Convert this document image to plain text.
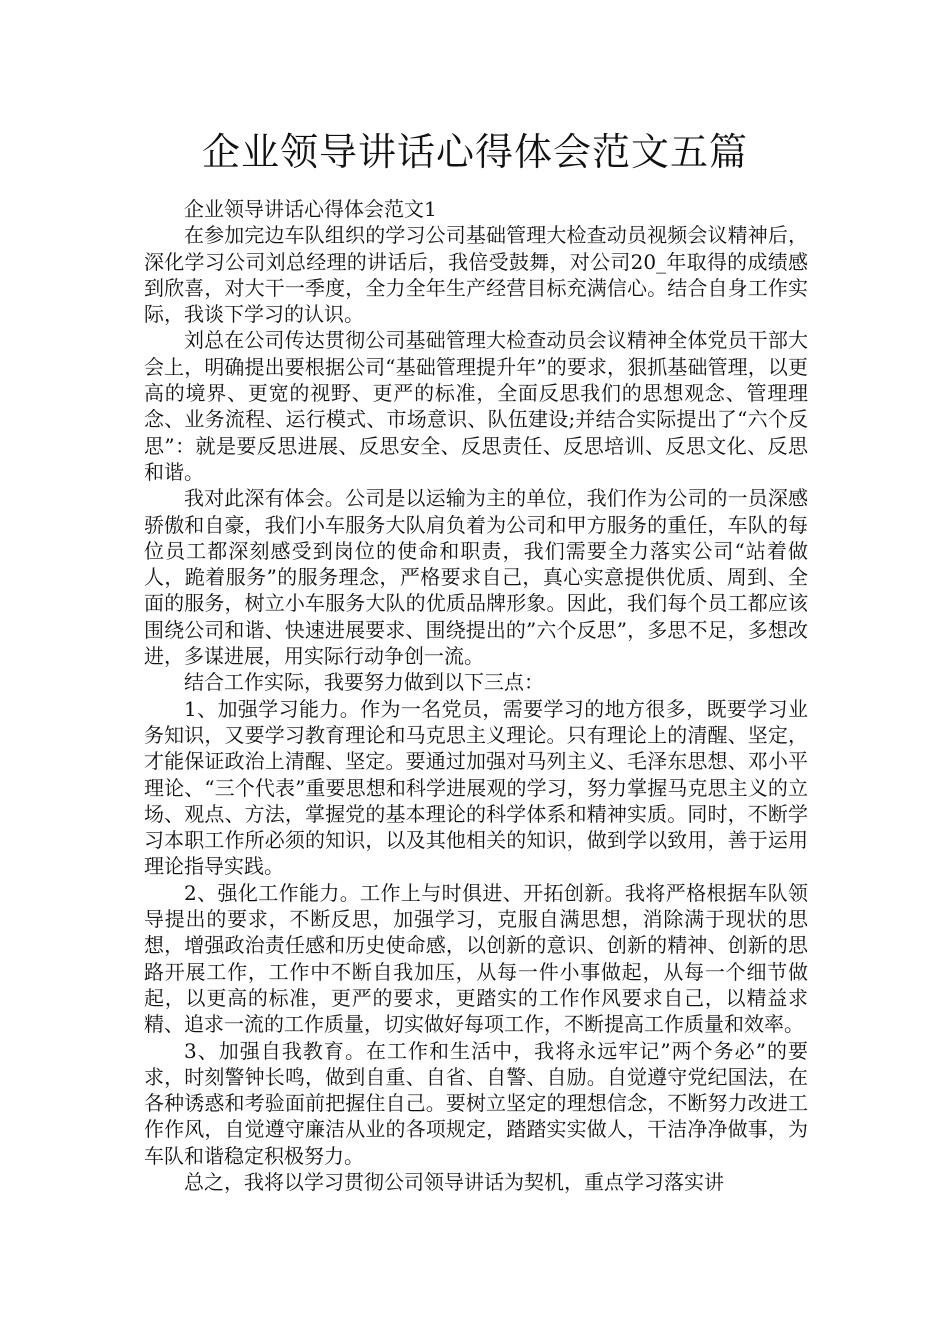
企业领导讲话心得体会范文五篇

企业领导讲话心得体会范文1

在参加完边车队组织的学习公司基础管理大检查动员视频会议精神后，深化学习公司刘总经理的讲话后，我倍受鼓舞，对公司20_年取得的成绩感到欣喜，对大干一季度，全力全年生产经营目标充满信心。结合自身工作实际，我谈下学习的认识。

刘总在公司传达贯彻公司基础管理大检查动员会议精神全体党员干部大会上，明确提出要根据公司“基础管理提升年”的要求，狠抓基础管理，以更高的境界、更宽的视野、更严的标准，全面反思我们的思想观念、管理理念、业务流程、运行模式、市场意识、队伍建设;并结合实际提出了“六个反思”：就是要反思进展、反思安全、反思责任、反思培训、反思文化、反思和谐。

我对此深有体会。公司是以运输为主的单位，我们作为公司的一员深感骄傲和自豪，我们小车服务大队肩负着为公司和甲方服务的重任，车队的每位员工都深刻感受到岗位的使命和职责，我们需要全力落实公司“站着做人，跪着服务”的服务理念，严格要求自己，真心实意提供优质、周到、全面的服务，树立小车服务大队的优质品牌形象。因此，我们每个员工都应该围绕公司和谐、快速进展要求、围绕提出的”六个反思”，多思不足，多想改进，多谋进展，用实际行动争创一流。

结合工作实际，我要努力做到以下三点：

1、加强学习能力。作为一名党员，需要学习的地方很多，既要学习业务知识，又要学习教育理论和马克思主义理论。只有理论上的清醒、坚定，才能保证政治上清醒、坚定。要通过加强对马列主义、毛泽东思想、邓小平理论、“三个代表”重要思想和科学进展观的学习，努力掌握马克思主义的立场、观点、方法，掌握党的基本理论的科学体系和精神实质。同时，不断学习本职工作所必须的知识，以及其他相关的知识，做到学以致用，善于运用理论指导实践。

2、强化工作能力。工作上与时俱进、开拓创新。我将严格根据车队领导提出的要求，不断反思，加强学习，克服自满思想，消除满于现状的思想，增强政治责任感和历史使命感，以创新的意识、创新的精神、创新的思路开展工作，工作中不断自我加压，从每一件小事做起，从每一个细节做起，以更高的标准，更严的要求，更踏实的工作作风要求自己，以精益求精、追求一流的工作质量，切实做好每项工作，不断提高工作质量和效率。

3、加强自我教育。在工作和生活中，我将永远牢记”两个务必”的要求，时刻警钟长鸣，做到自重、自省、自警、自励。自觉遵守党纪国法，在各种诱惑和考验面前把握住自己。要树立坚定的理想信念，不断努力改进工作作风，自觉遵守廉洁从业的各项规定，踏踏实实做人，干洁净净做事，为车队和谐稳定积极努力。

总之，我将以学习贯彻公司领导讲话为契机，重点学习落实讲
